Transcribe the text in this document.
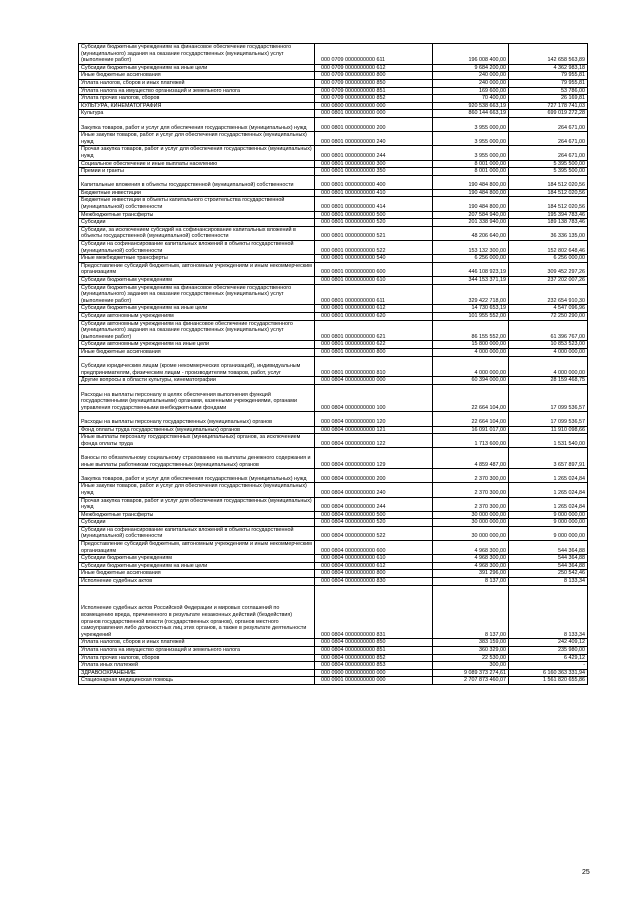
Субсидии бюджетным учреждениям на финансовое обеспечение государственного (муниципального) задания на оказание государственных (муниципальных) услуг (выполнение работ)	000 0709 0000000000 611	196 008 400,00	142 658 563,89
Субсидии бюджетным учреждениям на иные цели	000 0709 0000000000 612	9 684 200,00	4 362 983,18
Иные бюджетные ассигнования	000 0709 0000000000 800	240 000,00	79 955,81
Уплата налогов, сборов и иных платежей	000 0709 0000000000 850	240 000,00	79 955,81
Уплата налога на имущество организаций и земельного налога	000 0709 0000000000 851	169 600,00	53 786,00
Уплата прочих налогов, сборов	000 0709 0000000000 852	70 400,00	26 169,81
КУЛЬТУРА, КИНЕМАТОГРАФИЯ	000 0800 0000000000 000	920 538 663,19	727 178 741,03
Культура	000 0801 0000000000 000	860 144 663,19	699 019 272,28
Закупка товаров, работ и услуг для обеспечения государственных (муниципальных) нужд	000 0801 0000000000 200	3 955 000,00	264 671,00
Иные закупки товаров, работ и услуг для обеспечения государственных (муниципальных) нужд	000 0801 0000000000 240	3 955 000,00	264 671,00
Прочая закупка товаров, работ и услуг для обеспечения государственных (муниципальных) нужд	000 0801 0000000000 244	3 955 000,00	264 671,00
Социальное обеспечение и иные выплаты населению	000 0801 0000000000 300	8 001 000,00	5 395 500,00
Премии и гранты	000 0801 0000000000 350	8 001 000,00	5 395 500,00
Капитальные вложения в объекты государственной (муниципальной) собственности	000 0801 0000000000 400	190 484 800,00	184 512 020,56
Бюджетные инвестиции	000 0801 0000000000 410	190 484 800,00	184 512 020,56
Бюджетные инвестиции в объекты капитального строительства государственной (муниципальной) собственности	000 0801 0000000000 414	190 484 800,00	184 512 020,56
Межбюджетные трансферты	000 0801 0000000000 500	207 584 940,00	195 394 783,46
Субсидии	000 0801 0000000000 520	201 338 940,00	189 138 783,46
Субсидии, за исключением субсидий на софинансирование капитальных вложений в объекты государственной (муниципальной) собственности	000 0801 0000000000 521	48 206 640,00	36 336 135,00
Субсидии на софинансирование капитальных вложений в объекты государственной (муниципальной) собственности	000 0801 0000000000 522	153 132 300,00	152 802 648,46
Иные межбюджетные трансферты	000 0801 0000000000 540	6 256 000,00	6 256 000,00
Предоставление субсидий бюджетным, автономным учреждениям и иным некоммерческим организациям	000 0801 0000000000 600	446 108 923,19	309 452 297,26
Субсидии бюджетным учреждениям	000 0801 0000000000 610	344 153 371,19	237 202 007,26
Субсидии бюджетным учреждениям на финансовое обеспечение государственного (муниципального) задания на оказание государственных (муниципальных) услуг (выполнение работ)	000 0801 0000000000 611	329 422 718,00	232 654 910,30
Субсидии бюджетным учреждениям на иные цели	000 0801 0000000000 612	14 730 653,19	4 547 096,96
Субсидии автономным учреждениям	000 0801 0000000000 620	101 955 552,00	72 250 290,00
Субсидии автономным учреждениям на финансовое обеспечение государственного (муниципального) задания на оказание государственных (муниципальных) услуг (выполнение работ)	000 0801 0000000000 621	86 155 552,00	61 396 767,00
Субсидии автономным учреждениям на иные цели	000 0801 0000000000 622	15 800 000,00	10 853 523,00
Иные бюджетные ассигнования	000 0801 0000000000 800	4 000 000,00	4 000 000,00
Субсидии юридическим лицам (кроме некоммерческих организаций), индивидуальным предпринимателям, физическим лицам - производителям товаров, работ, услуг	000 0801 0000000000 810	4 000 000,00	4 000 000,00
Другие вопросы в области культуры, кинематографии	000 0804 0000000000 000	60 394 000,00	28 159 468,75
Расходы на выплаты персоналу в целях обеспечения выполнения функций государственными (муниципальными) органами, казенными учреждениями, органами управления государственными внебюджетными фондами	000 0804 0000000000 100	22 664 104,00	17 099 536,57
Расходы на выплаты персоналу государственных (муниципальных) органов	000 0804 0000000000 120	22 664 104,00	17 099 536,57
Фонд оплаты труда государственных (муниципальных) органов	000 0804 0000000000 121	16 091 017,00	11 910 098,66
Иные выплаты персоналу государственных (муниципальных) органов, за исключением фонда оплаты труда	000 0804 0000000000 122	1 713 600,00	1 531 540,00
Взносы по обязательному социальному страхованию на выплаты денежного содержания и иные выплаты работникам государственных (муниципальных) органов	000 0804 0000000000 129	4 859 487,00	3 657 897,91
Закупка товаров, работ и услуг для обеспечения государственных (муниципальных) нужд	000 0804 0000000000 200	2 370 300,00	1 265 024,84
Иные закупки товаров, работ и услуг для обеспечения государственных (муниципальных) нужд	000 0804 0000000000 240	2 370 300,00	1 265 024,84
Прочая закупка товаров, работ и услуг для обеспечения государственных (муниципальных) нужд	000 0804 0000000000 244	2 370 300,00	1 265 024,84
Межбюджетные трансферты	000 0804 0000000000 500	30 000 000,00	9 000 000,00
Субсидии	000 0804 0000000000 520	30 000 000,00	9 000 000,00
Субсидии на софинансирование капитальных вложений в объекты государственной (муниципальной) собственности	000 0804 0000000000 522	30 000 000,00	9 000 000,00
Предоставление субсидий бюджетным, автономным учреждениям и иным некоммерческим организациям	000 0804 0000000000 600	4 968 300,00	544 364,88
Субсидии бюджетным учреждениям	000 0804 0000000000 610	4 968 300,00	544 364,88
Субсидии бюджетным учреждениям на иные цели	000 0804 0000000000 612	4 968 300,00	544 364,88
Иные бюджетные ассигнования	000 0804 0000000000 800	391 296,00	250 542,46
Исполнение судебных актов	000 0804 0000000000 830	8 137,00	8 133,34
Исполнение судебных актов Российской Федерации и мировых соглашений по возмещению вреда, причиненного в результате незаконных действий (бездействия) органов государственной власти (государственных органов), органов местного самоуправления либо должностных лиц этих органов, а также в результате деятельности учреждений	000 0804 0000000000 831	8 137,00	8 133,34
Уплата налогов, сборов и иных платежей	000 0804 0000000000 850	383 159,00	242 409,12
Уплата налога на имущество организаций и земельного налога	000 0804 0000000000 851	360 329,00	235 980,00
Уплата прочих налогов, сборов	000 0804 0000000000 852	22 530,00	6 429,12
Уплата иных платежей	000 0804 0000000000 853	300,00	-
ЗДРАВООХРАНЕНИЕ	000 0900 0000000000 000	9 089 373 274,61	6 160 363 331,94
Стационарная медицинская помощь	000 0901 0000000000 000	2 707 873 460,07	1 561 820 655,86
25
